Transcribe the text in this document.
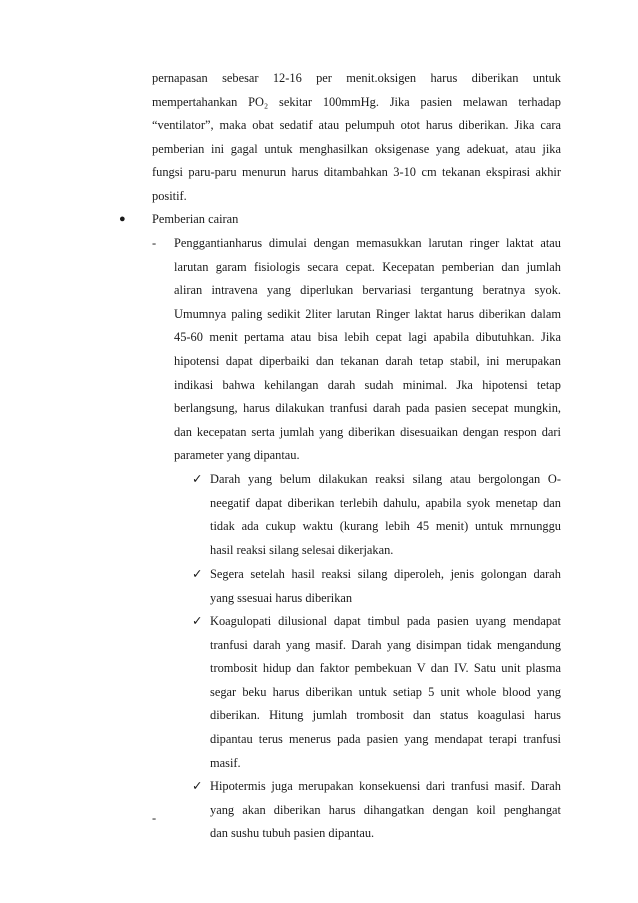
pernapasan sebesar 12-16 per menit.oksigen harus diberikan untuk
mempertahankan PO₂ sekitar 100mmHg. Jika pasien melawan terhadap
“ventilator”, maka obat sedatif atau pelumpuh otot harus diberikan. Jika cara
pemberian ini gagal untuk menghasilkan oksigenase yang adekuat, atau jika
fungsi paru-paru menurun harus ditambahkan 3-10 cm tekanan ekspirasi akhir
positif.
● Pemberian cairan
- Penggantianharus dimulai dengan memasukkan larutan ringer laktat atau
larutan garam fisiologis secara cepat. Kecepatan pemberian dan jumlah
aliran intravena yang diperlukan bervariasi tergantung beratnya syok.
Umumnya paling sedikit 2liter larutan Ringer laktat harus diberikan dalam
45-60 menit pertama atau bisa lebih cepat lagi apabila dibutuhkan. Jika
hipotensi dapat diperbaiki dan tekanan darah tetap stabil, ini merupakan
indikasi bahwa kehilangan darah sudah minimal. Jka hipotensi tetap
berlangsung, harus dilakukan tranfusi darah pada pasien secepat mungkin,
dan kecepatan serta jumlah yang diberikan disesuaikan dengan respon dari
parameter yang dipantau.
✓ Darah yang belum dilakukan reaksi silang atau bergolongan O-
neegatif dapat diberikan terlebih dahulu, apabila syok menetap dan
tidak ada cukup waktu (kurang lebih 45 menit) untuk mrnunggu
hasil reaksi silang selesai dikerjakan.
✓ Segera setelah hasil reaksi silang diperoleh, jenis golongan darah
yang ssesuai harus diberikan
✓ Koagulopati dilusional dapat timbul pada pasien uyang mendapat
tranfusi darah yang masif. Darah yang disimpan tidak mengandung
trombosit hidup dan faktor pembekuan V dan IV. Satu unit plasma
segar beku harus diberikan untuk setiap 5 unit whole blood yang
diberikan. Hitung jumlah trombosit dan status koagulasi harus
dipantau terus menerus pada pasien yang mendapat terapi tranfusi
masif.
✓ Hipotermis juga merupakan konsekuensi dari tranfusi masif. Darah
yang akan diberikan harus dihangatkan dengan koil penghangat
dan sushu tubuh pasien dipantau.
-
